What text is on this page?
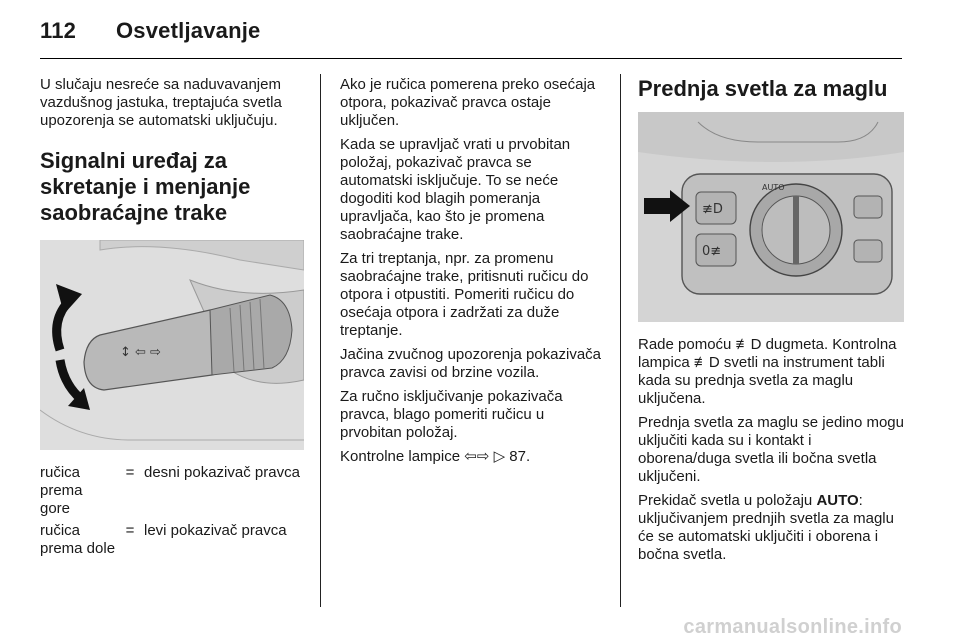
112 Osvetljavanje

U slučaju nesreće sa naduvavanjem vazdušnog jastuka, treptajuća svetla upozorenja se automatski uključuju.

Signalni uređaj za skretanje i menjanje saobraćajne trake
↕ ⇦ ⇨
ručica prema gore	=	desni pokazivač pravca
ručica prema dole	=	levi pokazivač pravca

Ako je ručica pomerena preko osećaja otpora, pokazivač pravca ostaje uključen.

Kada se upravljač vrati u prvobitan položaj, pokazivač pravca se automatski isključuje. To se neće dogoditi kod blagih pomeranja upravljača, kao što je promena saobraćajne trake.

Za tri treptanja, npr. za promenu saobraćajne trake, pritisnuti ručicu do otpora i otpustiti. Pomeriti ručicu do osećaja otpora i zadržati za duže treptanje.

Jačina zvučnog upozorenja pokazivača pravca zavisi od brzine vozila.

Za ručno isključivanje pokazivača pravca, blago pomeriti ručicu u prvobitan položaj.

Kontrolne lampice ⇦⇨ ▷ 87.

Prednja svetla za maglu
≢D
0≢
AUTO

Rade pomoću ≢D dugmeta. Kontrolna lampica ≢D svetli na instrument tabli kada su prednja svetla za maglu uključena.

Prednja svetla za maglu se jedino mogu uključiti kada su i kontakt i oborena/duga svetla ili bočna svetla uključeni.

Prekidač svetla u položaju AUTO: uključivanjem prednjih svetla za maglu će se automatski uključiti i oborena i bočna svetla.

carmanualsonline.info
